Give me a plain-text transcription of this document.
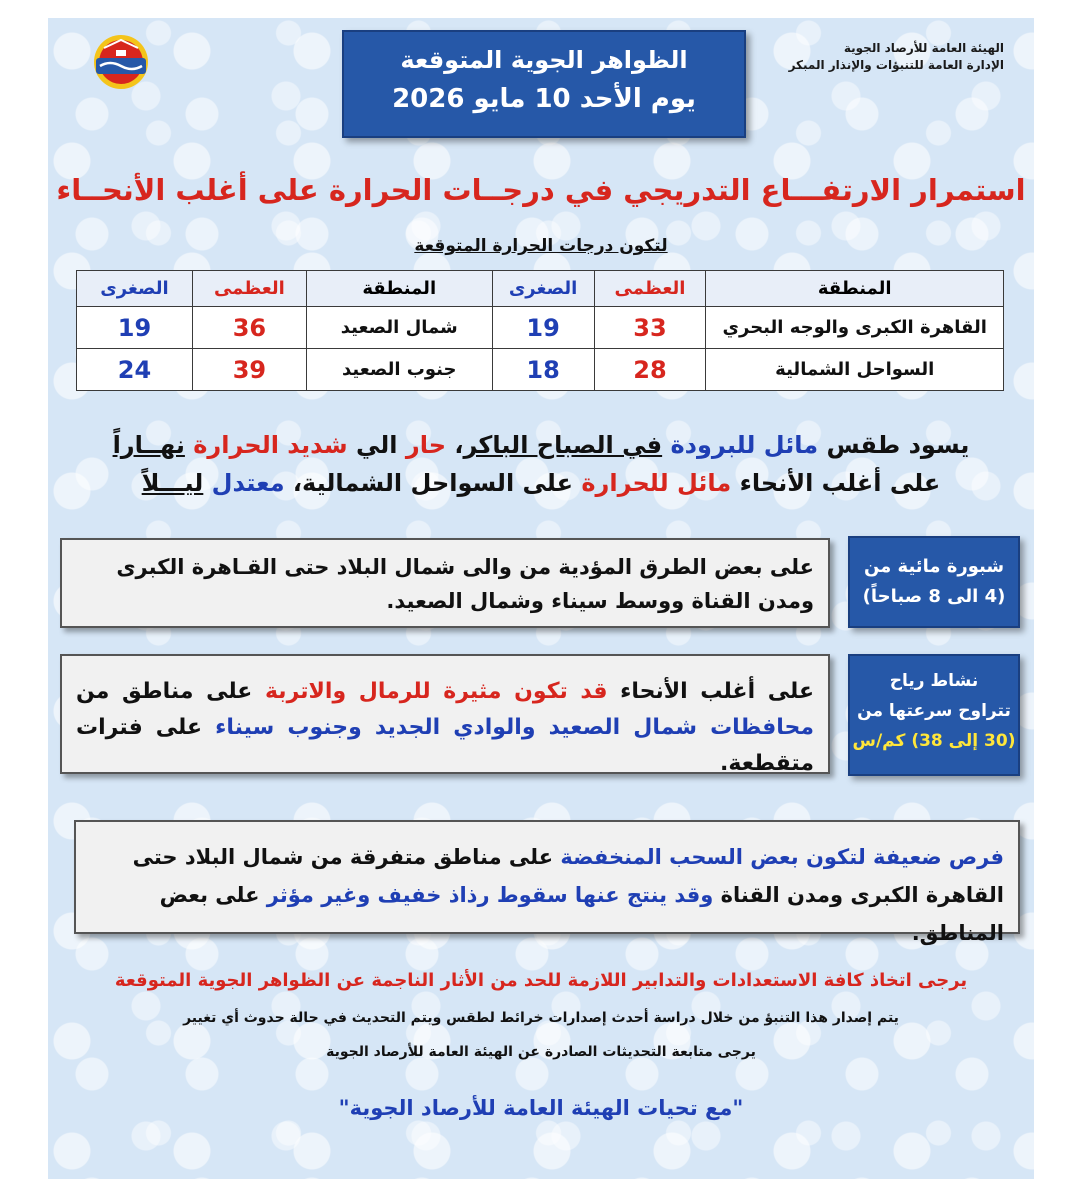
الهيئة العامة للأرصاد الجوية
الإدارة العامة للتنبؤات والإنذار المبكر
الظواهر الجوية المتوقعة
يوم الأحد 10 مايو 2026
استمرار الارتفـــاع التدريجي في درجــات الحرارة على أغلب الأنحــاء
لتكون درجات الحرارة المتوقعة
المنطقة	العظمى	الصغرى	المنطقة	العظمى	الصغرى
القاهرة الكبرى والوجه البحري	33	19	شمال الصعيد	36	19
السواحل الشمالية	28	18	جنوب الصعيد	39	24
يسود طقس مائل للبرودة في الصباح الباكر، حار الي شديد الحرارة نهــاراً
على أغلب الأنحاء مائل للحرارة على السواحل الشمالية، معتدل ليـــلاً
شبورة مائية من
(4 الى 8 صباحاً)
على بعض الطرق المؤدية من والى شمال البلاد حتى القـاهرة الكبرى ومدن القناة ووسط سيناء وشمال الصعيد.
نشاط رياح
تتراوح سرعتها من
(30 إلى 38) كم/س
على أغلب الأنحاء قد تكون مثيرة للرمال والاتربة على مناطق من محافظات شمال الصعيد والوادي الجديد وجنوب سيناء على فترات متقطعة.
فرص ضعيفة لتكون بعض السحب المنخفضة على مناطق متفرقة من شمال البلاد حتى القاهرة الكبرى ومدن القناة وقد ينتج عنها سقوط رذاذ خفيف وغير مؤثر على بعض المناطق.
يرجى اتخاذ كافة الاستعدادات والتدابير اللازمة للحد من الأثار الناجمة عن الظواهر الجوية المتوقعة
يتم إصدار هذا التنبؤ من خلال دراسة أحدث إصدارات خرائط لطقس ويتم التحديث في حالة حدوث أي تغيير
يرجى متابعة التحديثات الصادرة عن الهيئة العامة للأرصاد الجوية
"مع تحيات الهيئة العامة للأرصاد الجوية"
